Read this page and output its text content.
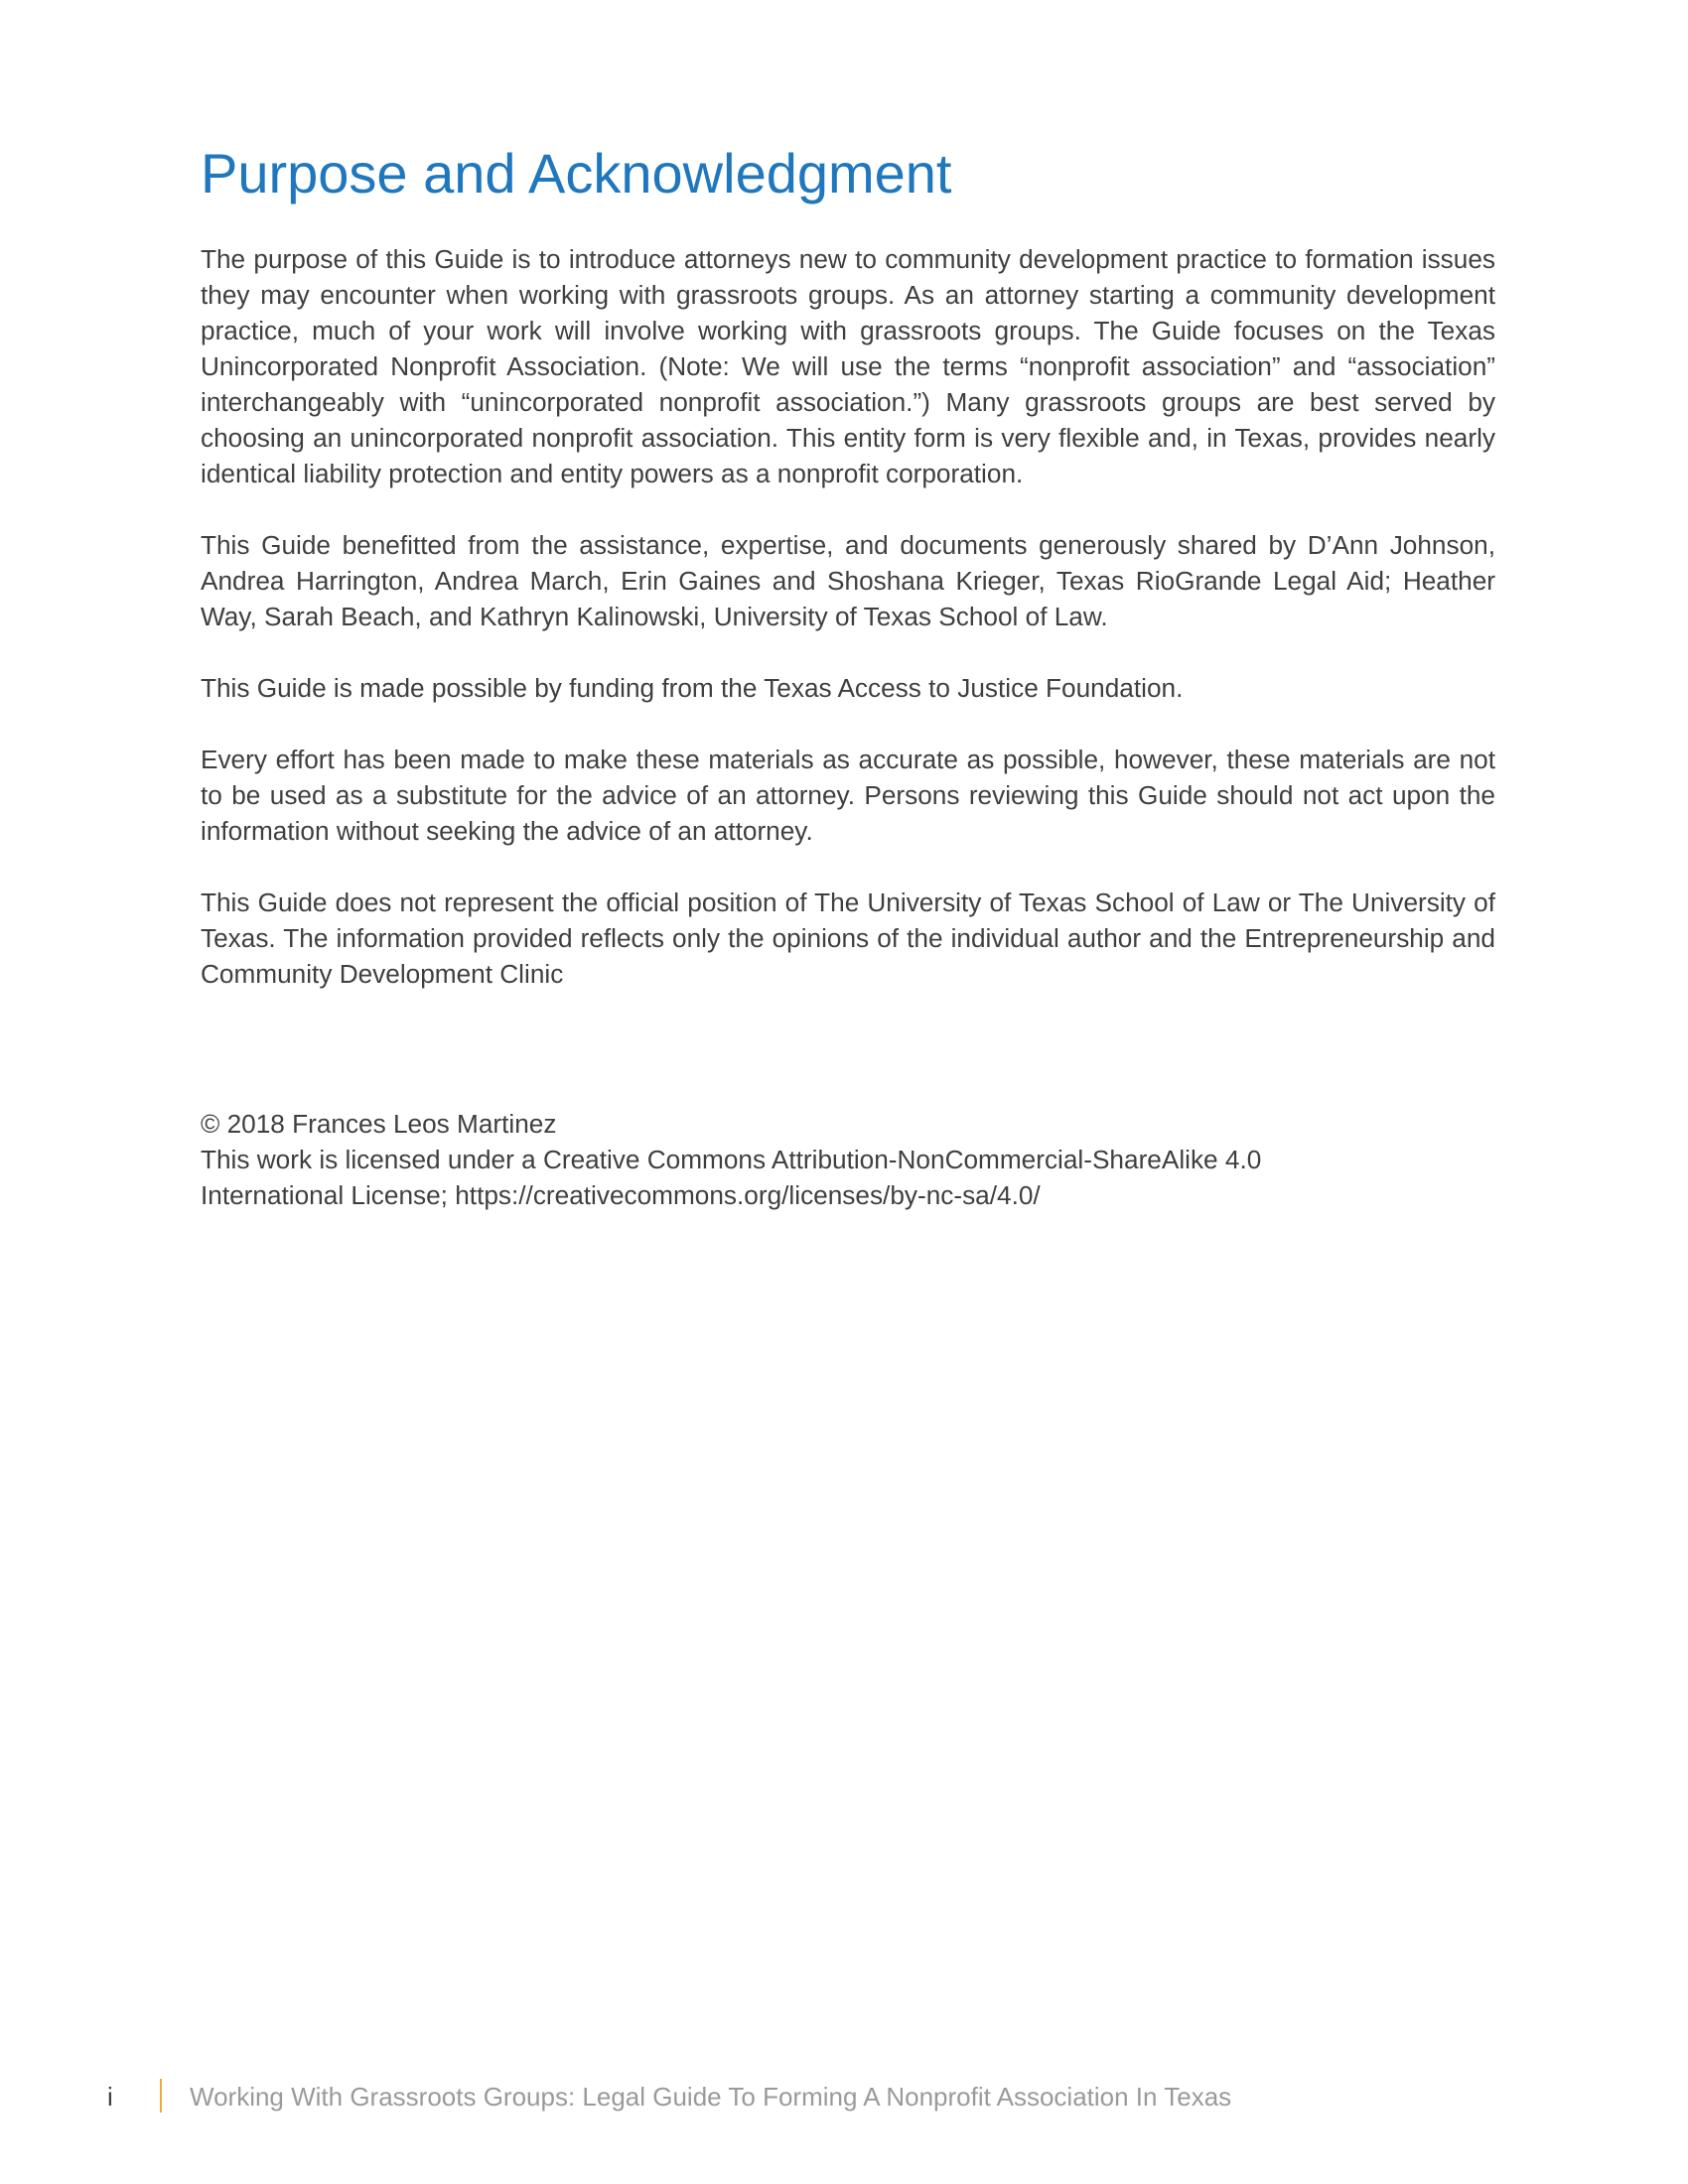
Purpose and Acknowledgment

The purpose of this Guide is to introduce attorneys new to community development practice to formation issues they may encounter when working with grassroots groups. As an attorney starting a community development practice, much of your work will involve working with grassroots groups. The Guide focuses on the Texas Unincorporated Nonprofit Association. (Note: We will use the terms “nonprofit association” and “association” interchangeably with “unincorporated nonprofit association.”) Many grassroots groups are best served by choosing an unincorporated nonprofit association. This entity form is very flexible and, in Texas, provides nearly identical liability protection and entity powers as a nonprofit corporation.

This Guide benefitted from the assistance, expertise, and documents generously shared by D’Ann Johnson, Andrea Harrington, Andrea March, Erin Gaines and Shoshana Krieger, Texas RioGrande Legal Aid; Heather Way, Sarah Beach, and Kathryn Kalinowski, University of Texas School of Law.

This Guide is made possible by funding from the Texas Access to Justice Foundation.

Every effort has been made to make these materials as accurate as possible, however, these materials are not to be used as a substitute for the advice of an attorney. Persons reviewing this Guide should not act upon the information without seeking the advice of an attorney.

This Guide does not represent the official position of The University of Texas School of Law or The University of Texas. The information provided reflects only the opinions of the individual author and the Entrepreneurship and Community Development Clinic

© 2018 Frances Leos Martinez
This work is licensed under a Creative Commons Attribution-NonCommercial-ShareAlike 4.0
International License; https://creativecommons.org/licenses/by-nc-sa/4.0/
i	Working With Grassroots Groups: Legal Guide To Forming A Nonprofit Association In Texas
